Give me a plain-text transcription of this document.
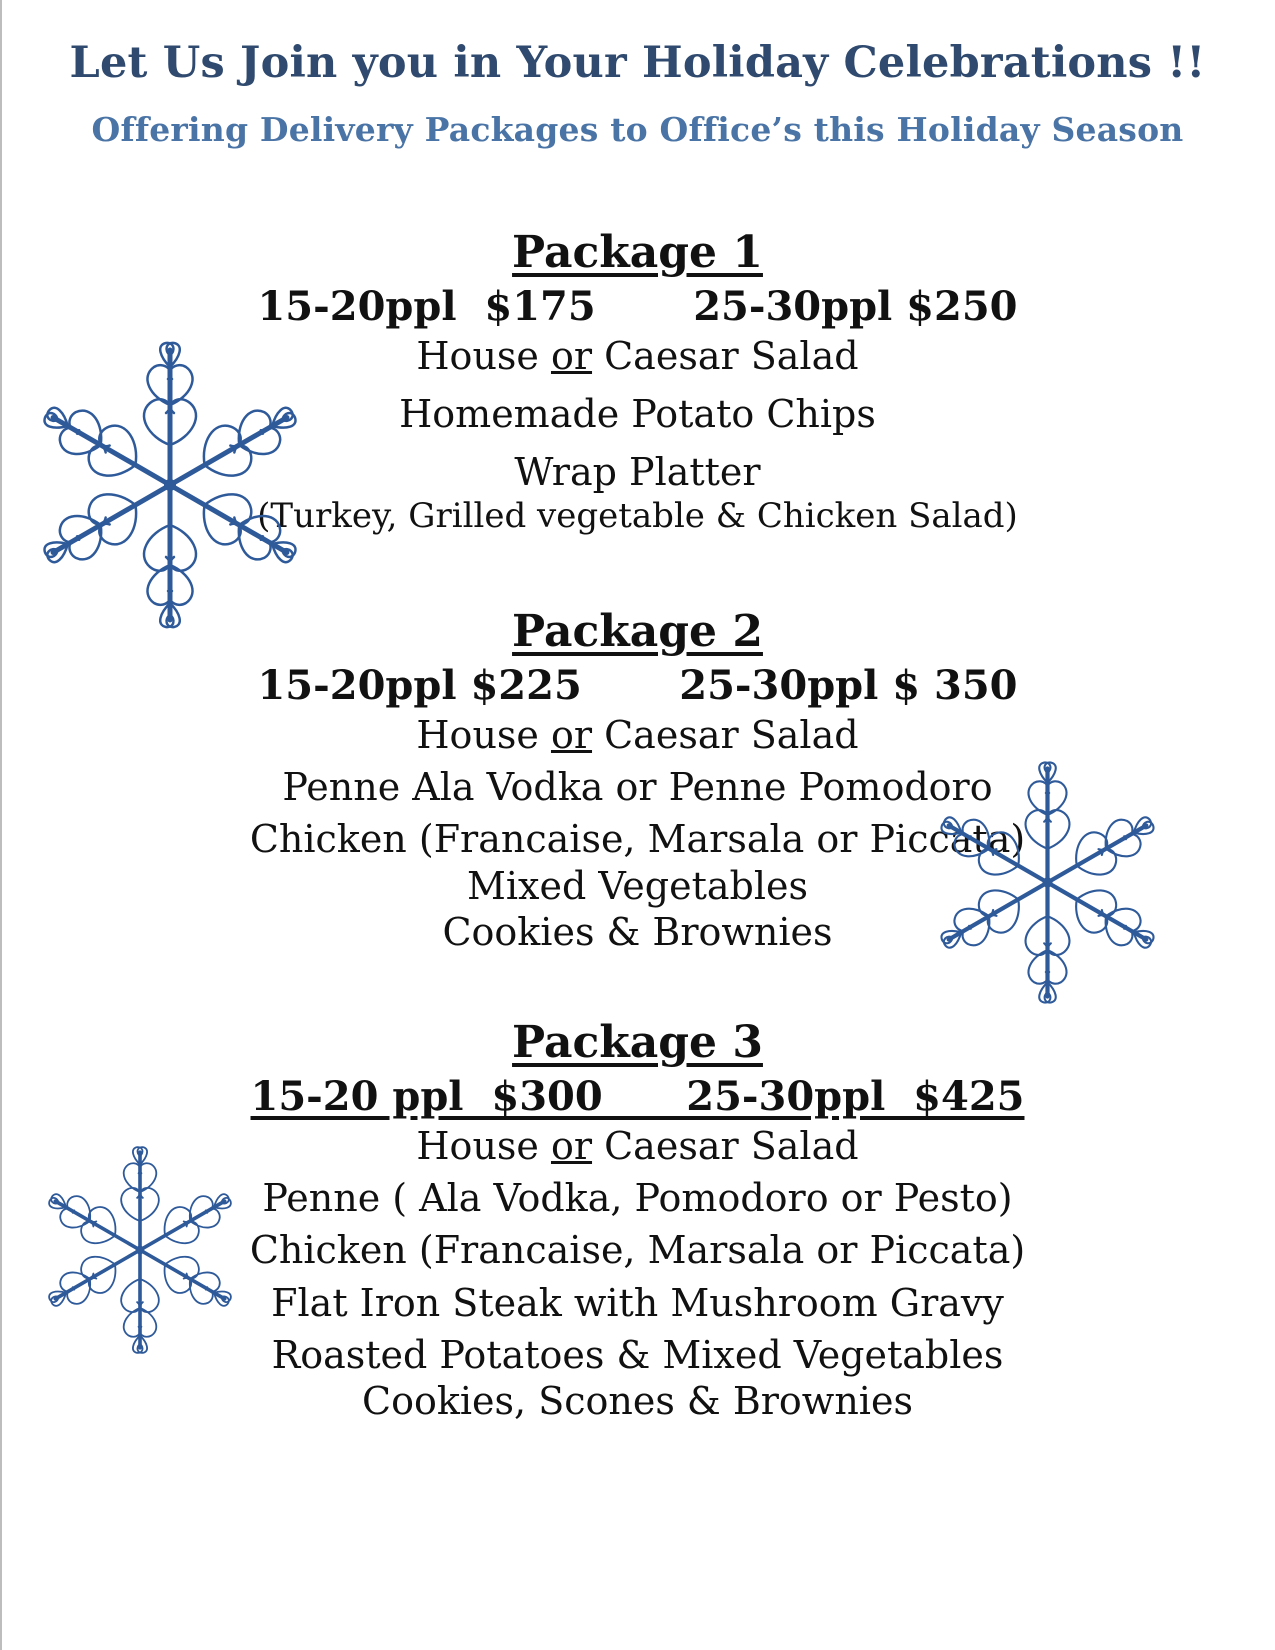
Let Us Join you in Your Holiday Celebrations !!
Offering Delivery Packages to Office’s this Holiday Season

Package 1

15-20ppl  $175       25-30ppl $250

House or Caesar Salad

Homemade Potato Chips

Wrap Platter

(Turkey, Grilled vegetable & Chicken Salad)

Package 2

15-20ppl $225       25-30ppl $ 350

House or Caesar Salad

Penne Ala Vodka or Penne Pomodoro

Chicken (Francaise, Marsala or Piccata)

Mixed Vegetables

Cookies & Brownies

Package 3

15-20 ppl  $300      25-30ppl  $425

House or Caesar Salad

Penne ( Ala Vodka, Pomodoro or Pesto)

Chicken (Francaise, Marsala or Piccata)

Flat Iron Steak with Mushroom Gravy

Roasted Potatoes & Mixed Vegetables

Cookies, Scones & Brownies
